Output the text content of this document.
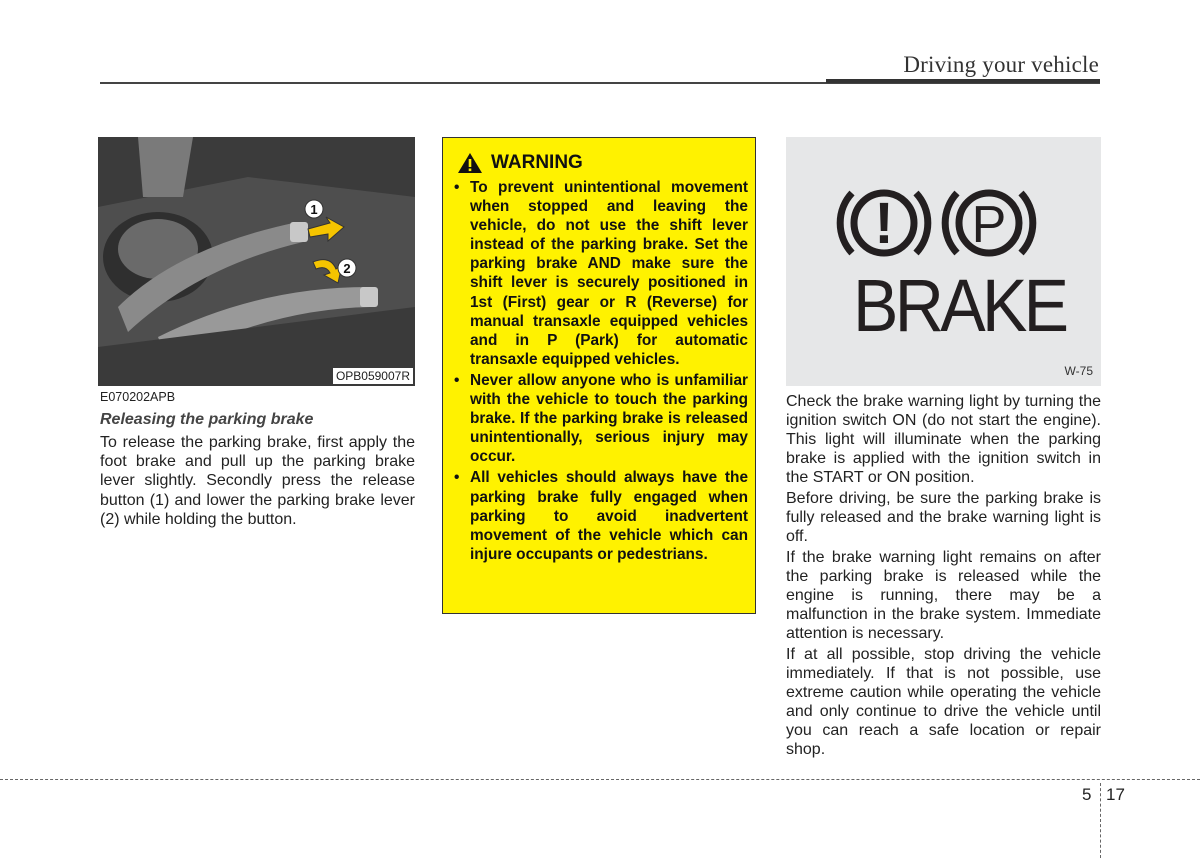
Driving your vehicle
1
2
OPB059007R
E070202APB
Releasing the parking brake
To release the parking brake, first apply the foot brake and pull up the parking brake lever slightly. Secondly press the release button (1) and lower the parking brake lever (2) while holding the button.
WARNING
• To prevent unintentional movement when stopped and leaving the vehicle, do not use the shift lever instead of the parking brake. Set the parking brake AND make sure the shift lever is securely positioned in 1st (First) gear or R (Reverse) for manual transaxle equipped vehicles and in P (Park) for automatic transaxle equipped vehicles.
• Never allow anyone who is unfamiliar with the vehicle to touch the parking brake. If the parking brake is released unintentionally, serious injury may occur.
• All vehicles should always have the parking brake fully engaged when parking to avoid inadvertent movement of the vehicle which can injure occupants or pedestrians.
! P
BRAKE
W-75

Check the brake warning light by turning the ignition switch ON (do not start the engine). This light will illuminate when the parking brake is applied with the ignition switch in the START or ON position.

Before driving, be sure the parking brake is fully released and the brake warning light is off.

If the brake warning light remains on after the parking brake is released while the engine is running, there may be a malfunction in the brake system. Immediate attention is necessary.

If at all possible, stop driving the vehicle immediately. If that is not possible, use extreme caution while operating the vehicle and only continue to drive the vehicle until you can reach a safe location or repair shop.

5 17
